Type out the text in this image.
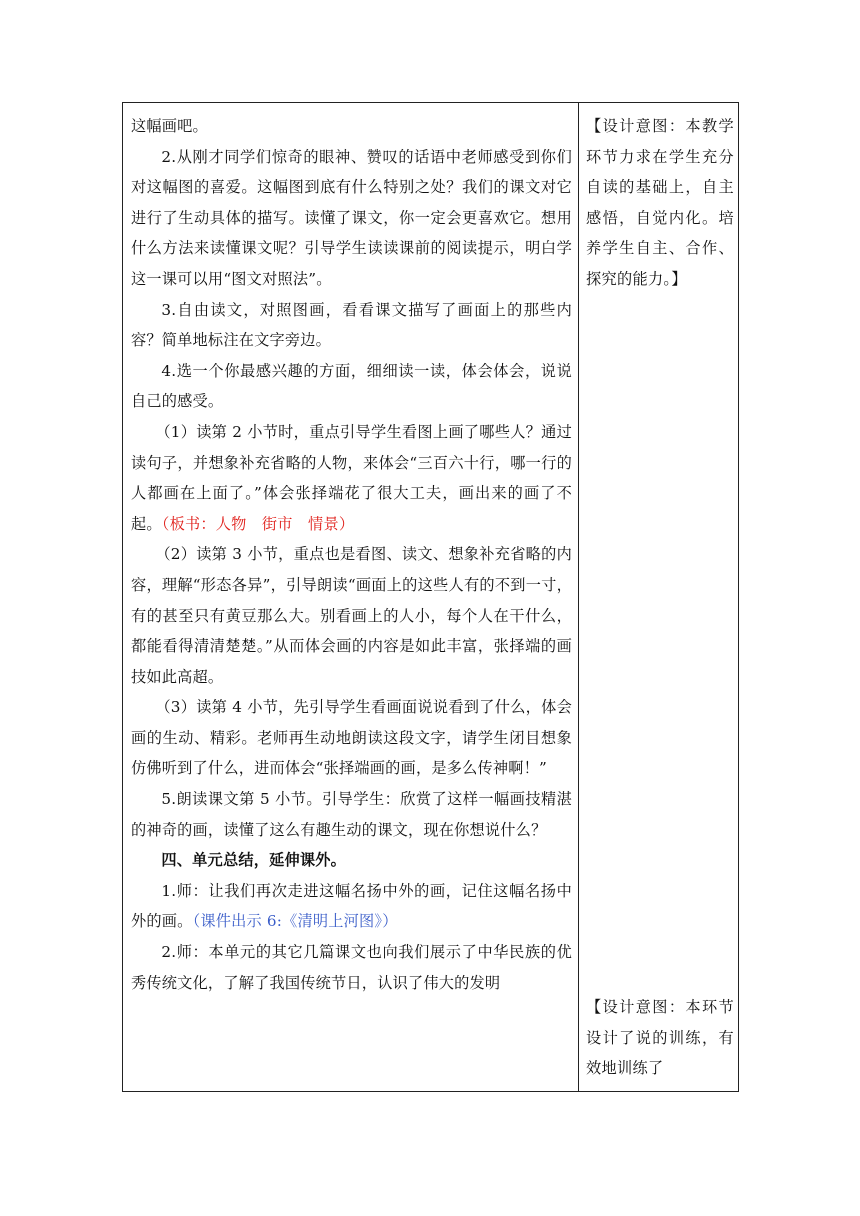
这幅画吧。

2.从刚才同学们惊奇的眼神、赞叹的话语中老师感受到你们对这幅图的喜爱。这幅图到底有什么特别之处？我们的课文对它进行了生动具体的描写。读懂了课文，你一定会更喜欢它。想用什么方法来读懂课文呢？引导学生读读课前的阅读提示，明白学这一课可以用“图文对照法”。

3.自由读文，对照图画，看看课文描写了画面上的那些内容？简单地标注在文字旁边。

4.选一个你最感兴趣的方面，细细读一读，体会体会，说说自己的感受。

（1）读第 2 小节时，重点引导学生看图上画了哪些人？通过读句子，并想象补充省略的人物，来体会“三百六十行，哪一行的人都画在上面了。”体会张择端花了很大工夫，画出来的画了不起。（板书：人物　街市　情景）

（2）读第 3 小节，重点也是看图、读文、想象补充省略的内容，理解“形态各异”，引导朗读“画面上的这些人有的不到一寸，有的甚至只有黄豆那么大。别看画上的人小，每个人在干什么，都能看得清清楚楚。”从而体会画的内容是如此丰富，张择端的画技如此高超。

（3）读第 4 小节，先引导学生看画面说说看到了什么，体会画的生动、精彩。老师再生动地朗读这段文字，请学生闭目想象仿佛听到了什么，进而体会“张择端画的画，是多么传神啊！”

5.朗读课文第 5 小节。引导学生：欣赏了这样一幅画技精湛的神奇的画，读懂了这么有趣生动的课文，现在你想说什么？

四、单元总结，延伸课外。

1.师：让我们再次走进这幅名扬中外的画，记住这幅名扬中外的画。（课件出示 6:《清明上河图》）

2.师：本单元的其它几篇课文也向我们展示了中华民族的优秀传统文化，了解了我国传统节日，认识了伟大的发明

【设计意图：本教学环节力求在学生充分自读的基础上，自主感悟，自觉内化。培养学生自主、合作、探究的能力。】

【设计意图：本环节设计了说的训练，有效地训练了
